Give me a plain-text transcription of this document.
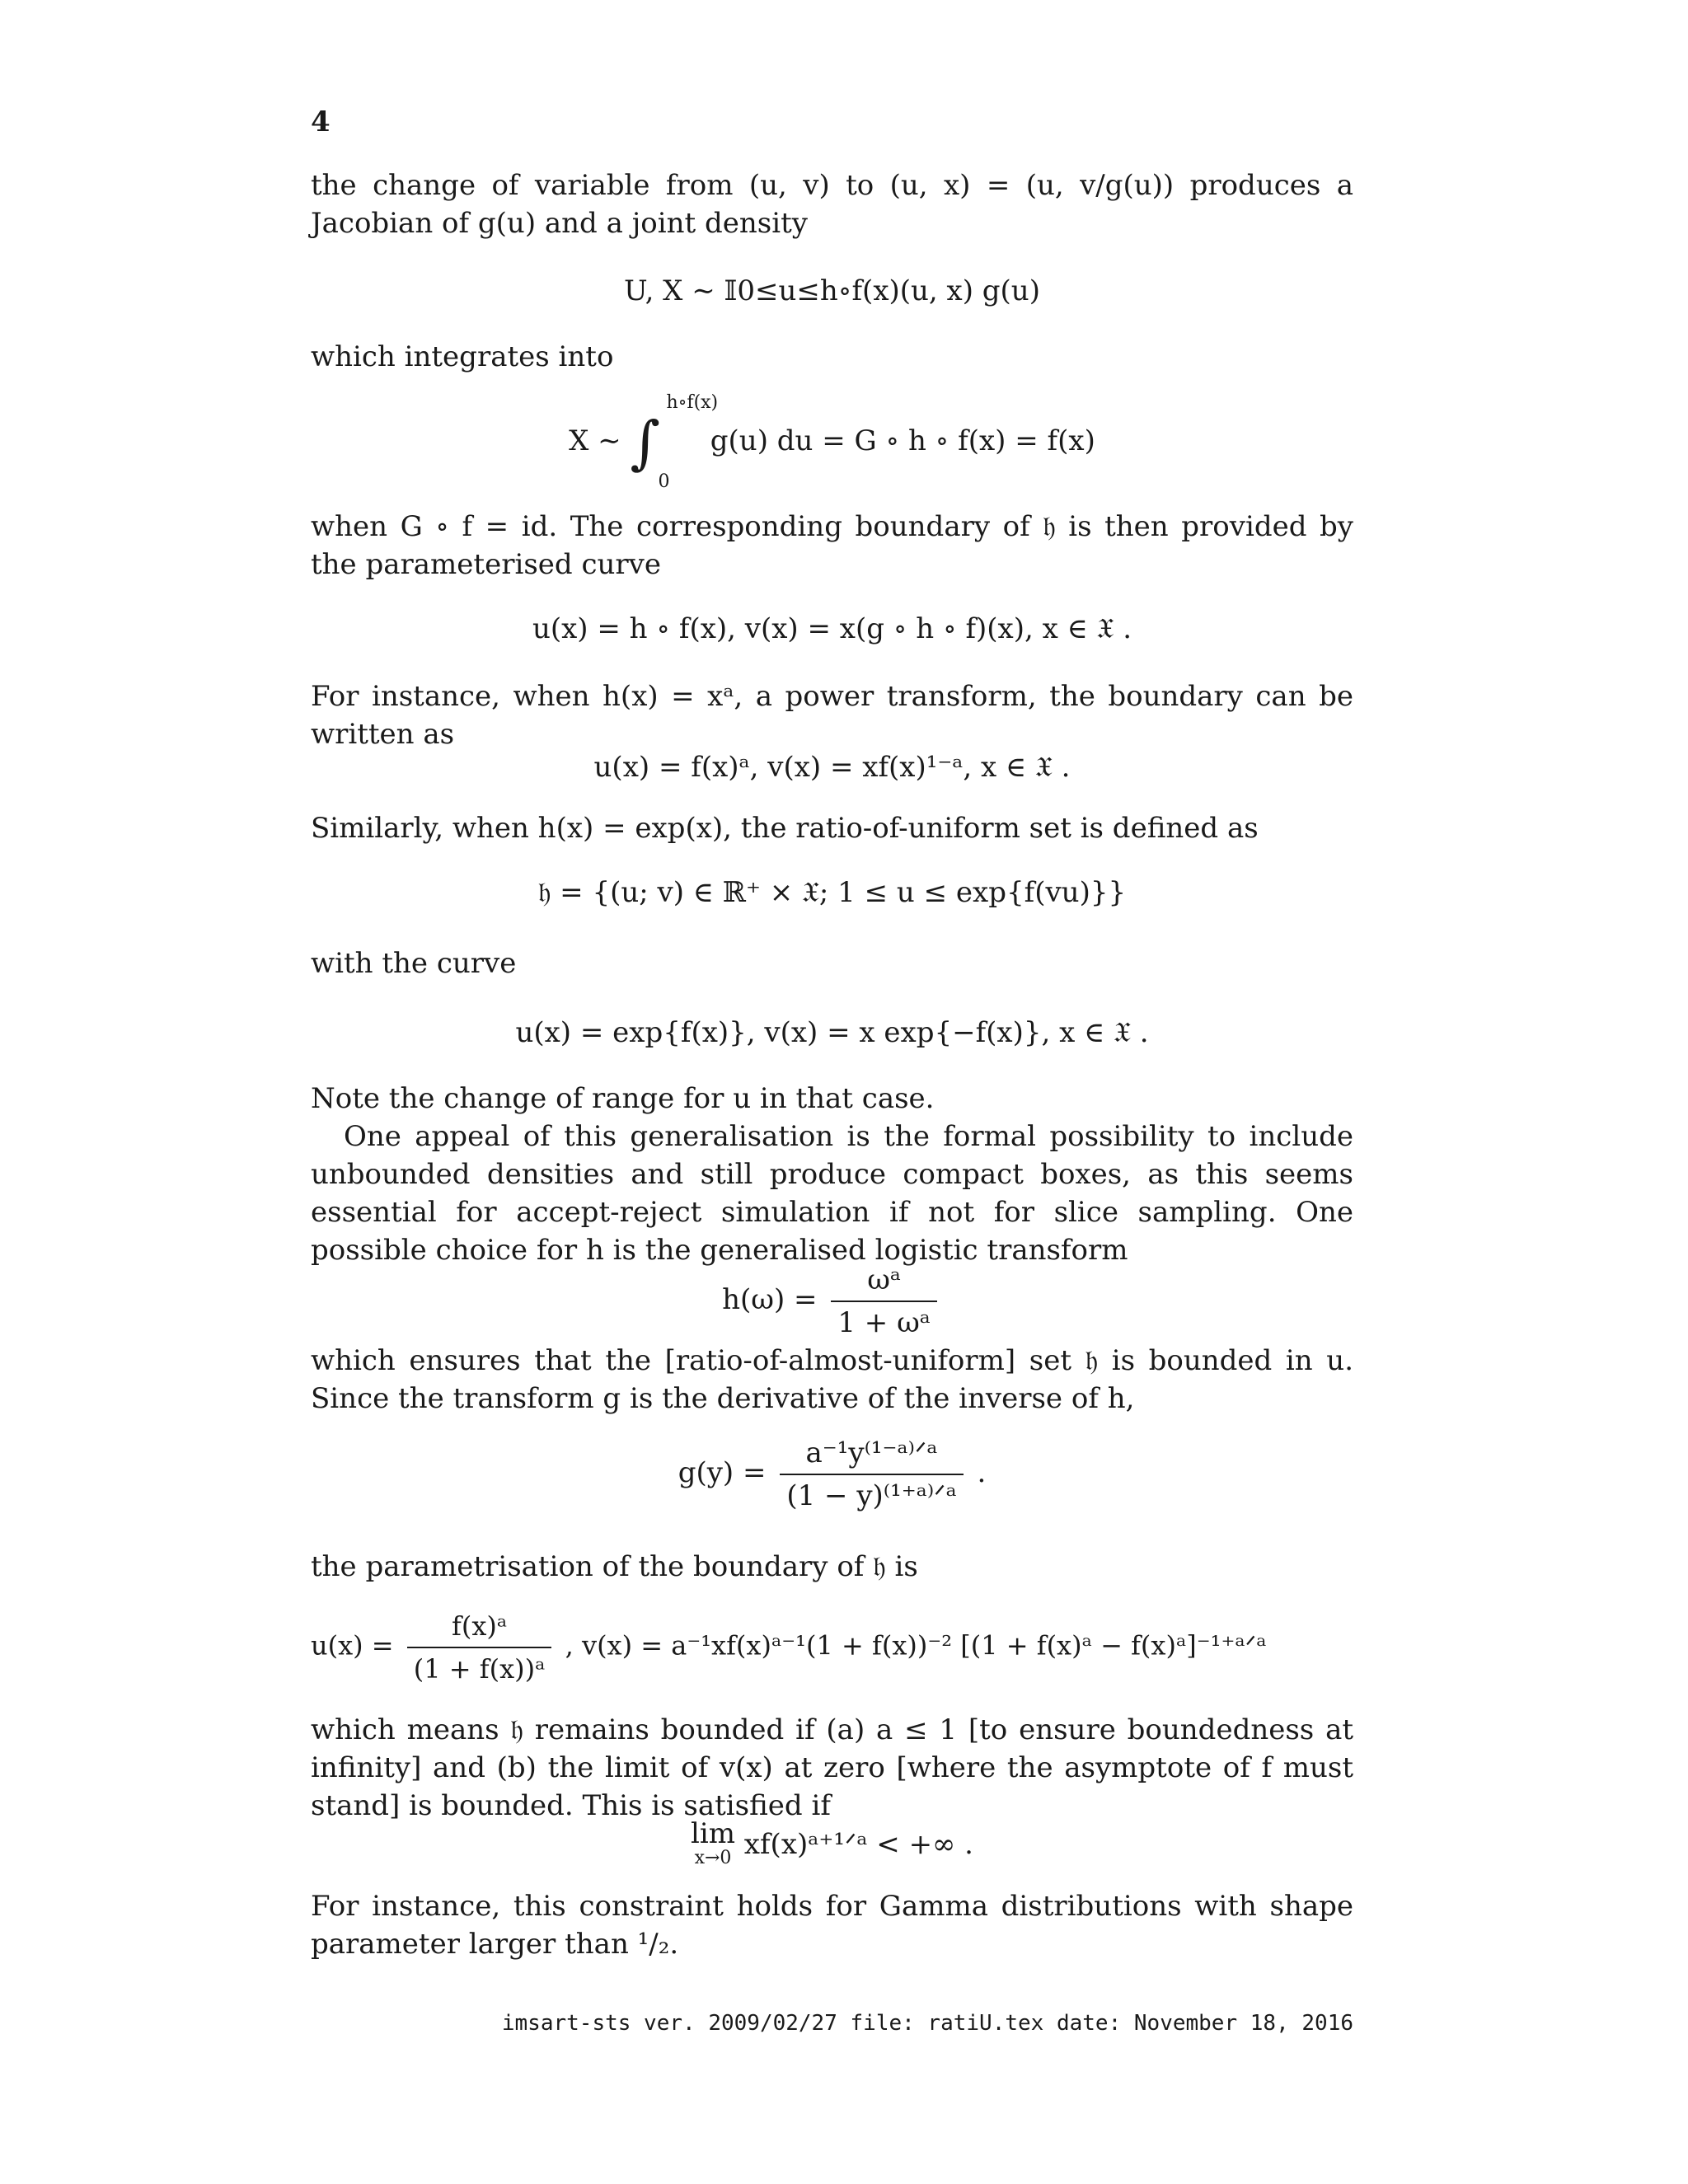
4
the change of variable from (u, v) to (u, x) = (u, v/g(u)) produces a Jacobian of g(u) and a joint density
U, X ∼ 𝕀0≤u≤h∘f(x)(u, x) g(u)
which integrates into
X ∼ ∫
h∘f(x)
0
g(u) du = G ∘ h ∘ f(x) = f(x)
when G ∘ f = id. The corresponding boundary of 𝔥 is then provided by the parameterised curve
u(x) = h ∘ f(x), v(x) = x(g ∘ h ∘ f)(x), x ∈ 𝔛 .
For instance, when h(x) = xᵃ, a power transform, the boundary can be written as
u(x) = f(x)ᵃ, v(x) = xf(x)¹⁻ᵃ, x ∈ 𝔛 .
Similarly, when h(x) = exp(x), the ratio-of-uniform set is defined as
𝔥 = {(u; v) ∈ ℝ⁺ × 𝔛; 1 ≤ u ≤ exp{f(vu)}}
with the curve
u(x) = exp{f(x)}, v(x) = x exp{−f(x)}, x ∈ 𝔛 .
Note the change of range for u in that case.
One appeal of this generalisation is the formal possibility to include unbounded densities and still produce compact boxes, as this seems essential for accept-reject simulation if not for slice sampling. One possible choice for h is the generalised logistic transform
$h(\omega) = \frac{\text{ωᵃ}}{\text{1 + ωᵃ}}$
which ensures that the [ratio-of-almost-uniform] set 𝔥 is bounded in u. Since the transform g is the derivative of the inverse of h,
$g(y) = \frac{\text{a⁻¹y⁽¹⁻ᵃ⁾ᐟᵃ}}{\text{(1 − y)⁽¹⁺ᵃ⁾ᐟᵃ}}$ .
the parametrisation of the boundary of 𝔥 is
$u(x) = \frac{\text{f(x)ᵃ}}{\text{(1 + f(x))ᵃ}}$ , v(x) = a⁻¹xf(x)ᵃ⁻¹(1 + f(x))⁻² [(1 + f(x)ᵃ − f(x)ᵃ]⁻¹⁺ᵃᐟᵃ
which means 𝔥 remains bounded if (a) a ≤ 1 [to ensure boundedness at infinity] and (b) the limit of v(x) at zero [where the asymptote of f must stand] is bounded. This is satisfied if
lim
x→0 xf(x)ᵃ⁺¹ᐟᵃ < +∞ .
For instance, this constraint holds for Gamma distributions with shape parameter larger than ¹/₂.
imsart-sts ver. 2009/02/27 file: ratiU.tex date: November 18, 2016
